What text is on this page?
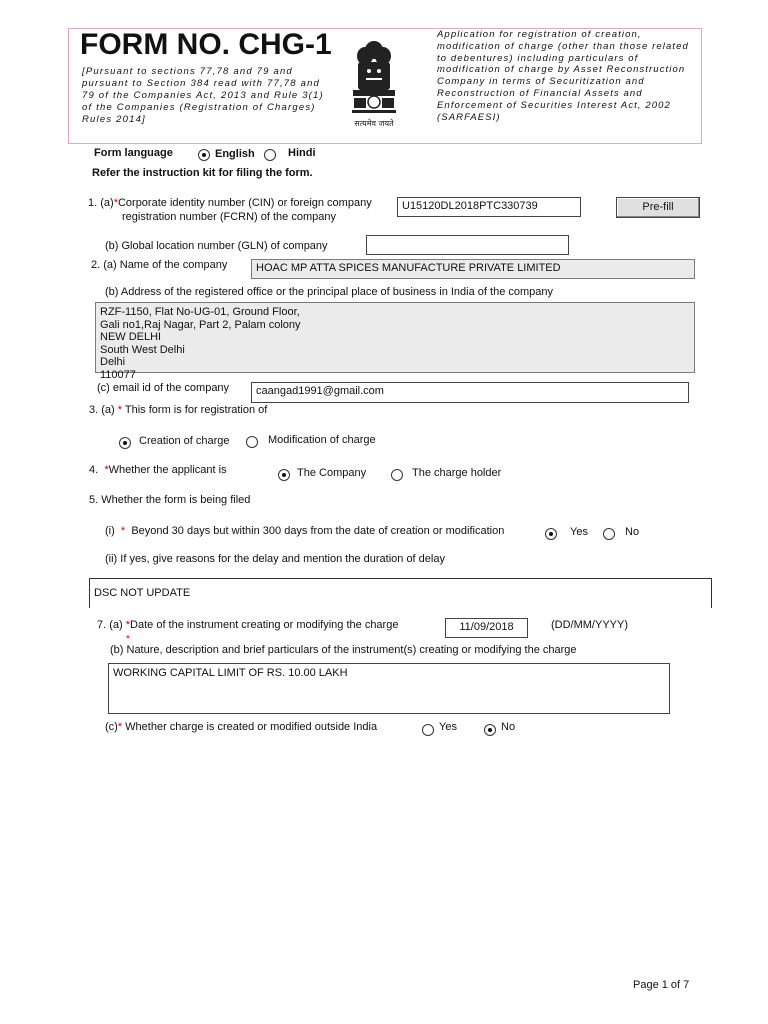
FORM NO. CHG-1
[Pursuant to sections 77,78 and 79 and pursuant to Section 384 read with 77,78 and 79 of the Companies Act, 2013 and Rule 3(1) of the Companies (Registration of Charges) Rules 2014]	सत्यमेव जयते
Application for registration of creation, modification of charge (other than those related to debentures) including particulars of modification of charge by Asset Reconstruction Company in terms of Securitization and Reconstruction of Financial Assets and Enforcement of Securities Interest Act, 2002 (SARFAESI)
Form language	English	Hindi
Refer the instruction kit for filing the form.
1. (a)*Corporate identity number (CIN) or foreign company
registration number (FCRN) of the company
U15120DL2018PTC330739	Pre-fill
(b) Global location number (GLN) of company
2. (a) Name of the company	HOAC MP ATTA SPICES MANUFACTURE PRIVATE LIMITED
(b) Address of the registered office or the principal place of business in India of the company
RZF-1150, Flat No-UG-01, Ground Floor,
Gali no1,Raj Nagar, Part 2, Palam colony
NEW DELHI
South West Delhi
Delhi
110077
(c) email id of the company	caangad1991@gmail.com
3. (a) * This form is for registration of
Creation of charge	Modification of charge
4. *Whether the applicant is	The Company	The charge holder
5. Whether the form is being filed
(i) * Beyond 30 days but within 300 days from the date of creation or modification	Yes	No
(ii) If yes, give reasons for the delay and mention the duration of delay
DSC NOT UPDATE
7. (a) *Date of the instrument creating or modifying the charge	11/09/2018	(DD/MM/YYYY)
*
(b) Nature, description and brief particulars of the instrument(s) creating or modifying the charge
WORKING CAPITAL LIMIT OF RS. 10.00 LAKH
(c)* Whether charge is created or modified outside India	Yes	No
Page 1 of 7
